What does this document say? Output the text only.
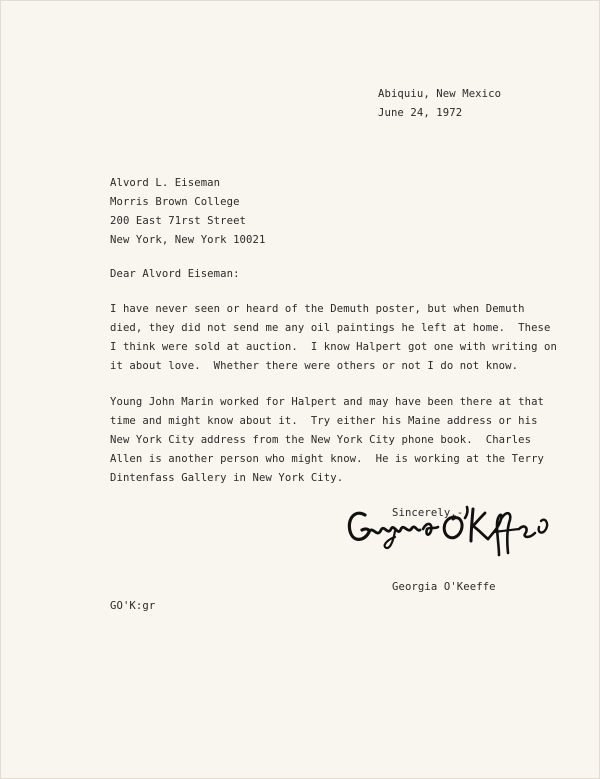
Abiquiu, New Mexico
June 24, 1972
Alvord L. Eiseman
Morris Brown College
200 East 71rst Street
New York, New York 10021
Dear Alvord Eiseman:
I have never seen or heard of the Demuth poster, but when Demuth
died, they did not send me any oil paintings he left at home.  These
I think were sold at auction.  I know Halpert got one with writing on
it about love.  Whether there were others or not I do not know.
Young John Marin worked for Halpert and may have been there at that
time and might know about it.  Try either his Maine address or his
New York City address from the New York City phone book.  Charles
Allen is another person who might know.  He is working at the Terry
Dintenfass Gallery in New York City.
Sincerely,-
Georgia O'Keeffe
GO'K:gr
